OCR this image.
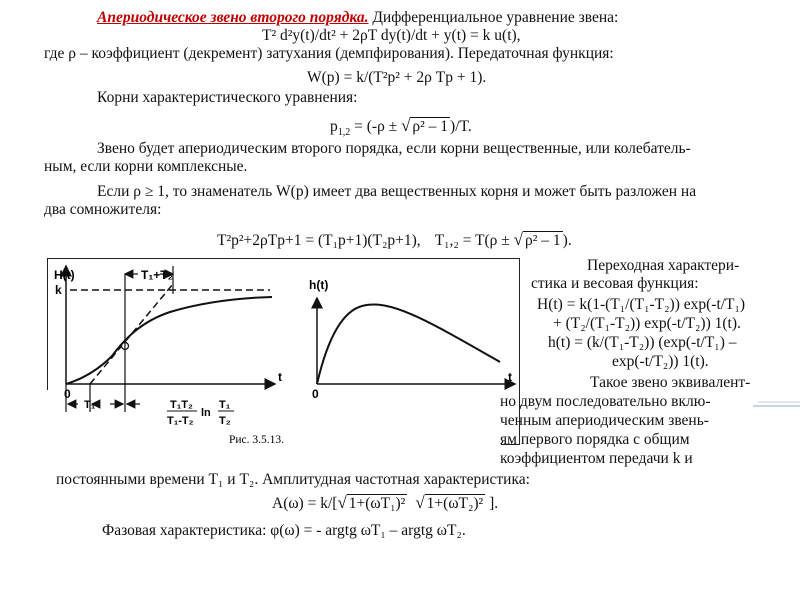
Апериодическое звено второго порядка. Дифференциальное уравнение звена:
T² d²y(t)/dt² + 2ρT dy(t)/dt + y(t) = k u(t),
где ρ – коэффициент (декремент) затухания (демпфирования). Передаточная функция:
W(p) = k/(T²p² + 2ρ Tp + 1).
Корни характеристического уравнения:
$p_{1,2} = (-\rho$ ± √ ρ² – 1 )/T.
Звено будет апериодическим второго порядка, если корни вещественные, или колебатель-
ным, если корни комплексные.
Если ρ ≥ 1, то знаменатель W(p) имеет два вещественных корня и может быть разложен на
два сомножителя:
T²p²+2ρTp+1 = (T₁p+1)(T₂p+1), T₁,₂ = T(ρ ± √ ρ² – 1 ).
H(t)
k
T₁+T₂
t
0
T₁	T₁T₂
T₁-T₂
ln
T₁
T₂
h(t)
t
0
Рис. 3.5.13.
Переходная характери-
стика и весовая функция:
H(t) = k(1-(T₁/(T₁-T₂)) exp(-t/T₁)
+ (T₂/(T₁-T₂)) exp(-t/T₂)) 1(t).
h(t) = (k/(T₁-T₂)) (exp(-t/T₁) –
exp(-t/T₂)) 1(t).
Такое звено эквивалент-
но двум последовательно вклю-
ченным апериодическим звень-
ям первого порядка с общим
коэффициентом передачи k и
постоянными времени T₁ и T₂. Амплитудная частотная характеристика:
A(ω) = k/[√ 1+(ωT₁)² √ 1+(ωT₂)² ].
Фазовая характеристика: φ(ω) = - argtg ωT₁ – argtg ωT₂.
